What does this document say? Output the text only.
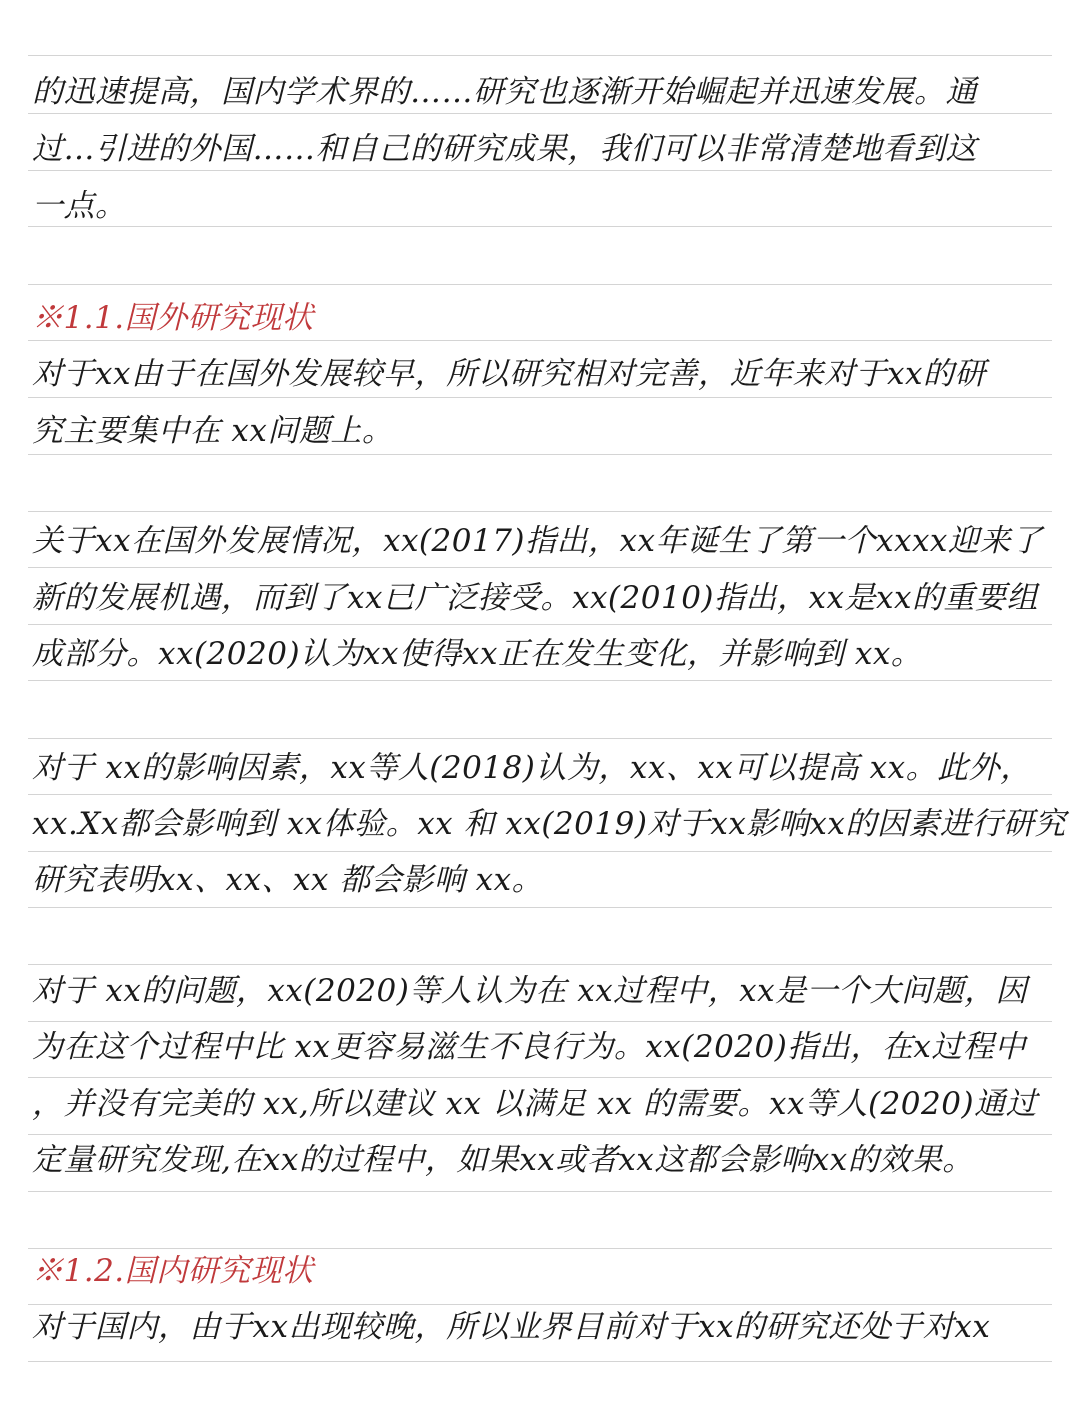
的迅速提高，国内学术界的……研究也逐渐开始崛起并迅速发展。通
过…引进的外国……和自己的研究成果，我们可以非常清楚地看到这
一点。
※1.1.国外研究现状
对于xx由于在国外发展较早，所以研究相对完善，近年来对于xx的研
究主要集中在 xx问题上。
关于xx在国外发展情况，xx(2017)指出，xx年诞生了第一个xxxx迎来了
新的发展机遇，而到了xx已广泛接受。xx(2010)指出，xx是xx的重要组
成部分。xx(2020)认为xx使得xx正在发生变化，并影响到 xx。
对于 xx的影响因素，xx等人(2018)认为，xx、xx可以提高 xx。此外，
xx.Xx都会影响到 xx体验。xx 和 xx(2019)对于xx影响xx的因素进行研究
研究表明xx、xx、xx 都会影响 xx。
对于 xx的问题，xx(2020)等人认为在 xx过程中，xx是一个大问题，因
为在这个过程中比 xx更容易滋生不良行为。xx(2020)指出，在x过程中
，并没有完美的 xx,所以建议 xx 以满足 xx 的需要。xx等人(2020)通过
定量研究发现,在xx的过程中，如果xx或者xx这都会影响xx的效果。
※1.2.国内研究现状
对于国内，由于xx出现较晚，所以业界目前对于xx的研究还处于对xx
